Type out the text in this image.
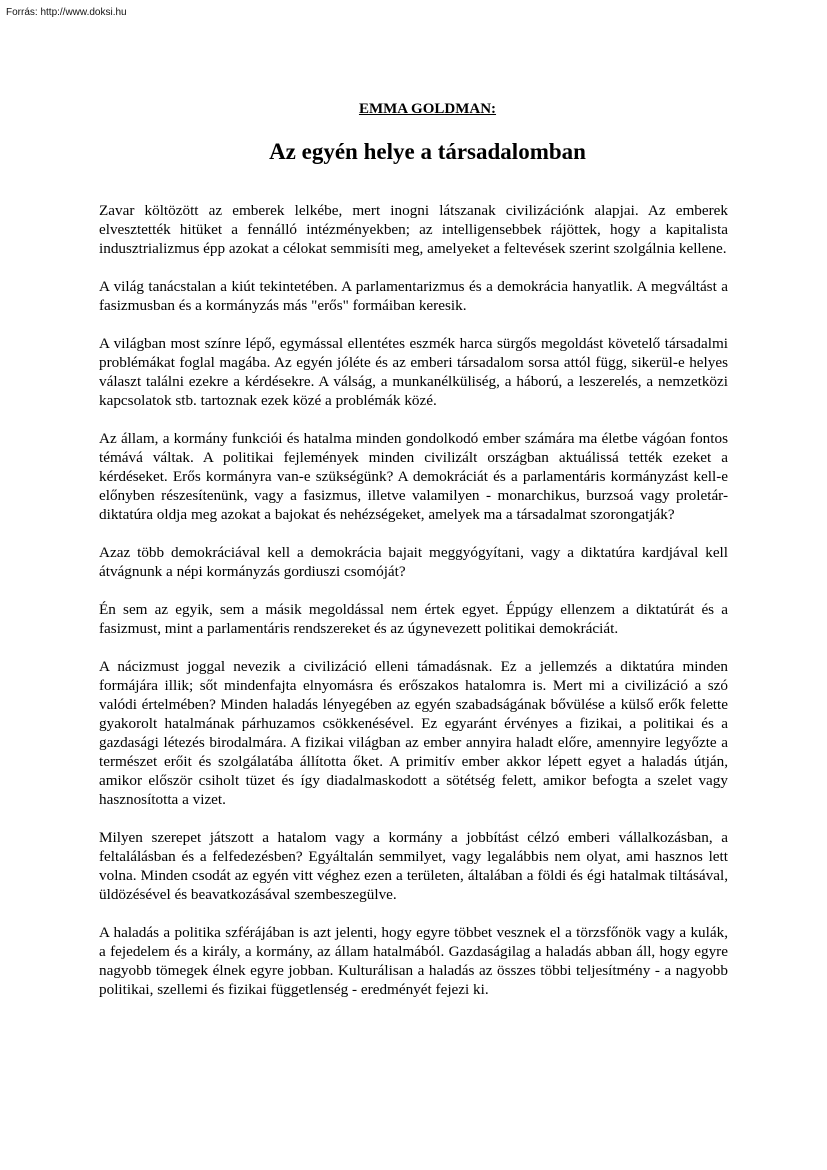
Forrás: http://www.doksi.hu
EMMA GOLDMAN:
Az egyén helye a társadalomban

Zavar költözött az emberek lelkébe, mert inogni látszanak civilizációnk alapjai. Az emberek elvesztették hitüket a fennálló intézményekben; az intelligensebbek rájöttek, hogy a kapitalista indusztrializmus épp azokat a célokat semmisíti meg, amelyeket a feltevések szerint szolgálnia kellene.

A világ tanácstalan a kiút tekintetében. A parlamentarizmus és a demokrácia hanyatlik. A megváltást a fasizmusban és a kormányzás más "erős" formáiban keresik.

A világban most színre lépő, egymással ellentétes eszmék harca sürgős megoldást követelő társadalmi problémákat foglal magába. Az egyén jóléte és az emberi társadalom sorsa attól függ, sikerül-e helyes választ találni ezekre a kérdésekre. A válság, a munkanélküliség, a háború, a leszerelés, a nemzetközi kapcsolatok stb. tartoznak ezek közé a problémák közé.

Az állam, a kormány funkciói és hatalma minden gondolkodó ember számára ma életbe vágóan fontos témává váltak. A politikai fejlemények minden civilizált országban aktuálissá tették ezeket a kérdéseket. Erős kormányra van-e szükségünk? A demokráciát és a parlamentáris kormányzást kell-e előnyben részesítenünk, vagy a fasizmus, illetve valamilyen - monarchikus, burzsoá vagy proletár-diktatúra oldja meg azokat a bajokat és nehézségeket, amelyek ma a társadalmat szorongatják?

Azaz több demokráciával kell a demokrácia bajait meggyógyítani, vagy a diktatúra kardjával kell átvágnunk a népi kormányzás gordiuszi csomóját?

Én sem az egyik, sem a másik megoldással nem értek egyet. Éppúgy ellenzem a diktatúrát és a fasizmust, mint a parlamentáris rendszereket és az úgynevezett politikai demokráciát.

A nácizmust joggal nevezik a civilizáció elleni támadásnak. Ez a jellemzés a diktatúra minden formájára illik; sőt mindenfajta elnyomásra és erőszakos hatalomra is. Mert mi a civilizáció a szó valódi értelmében? Minden haladás lényegében az egyén szabadságának bővülése a külső erők felette gyakorolt hatalmának párhuzamos csökkenésével. Ez egyaránt érvényes a fizikai, a politikai és a gazdasági létezés birodalmára. A fizikai világban az ember annyira haladt előre, amennyire legyőzte a természet erőit és szolgálatába állította őket. A primitív ember akkor lépett egyet a haladás útján, amikor először csiholt tüzet és így diadalmaskodott a sötétség felett, amikor befogta a szelet vagy hasznosította a vizet.

Milyen szerepet játszott a hatalom vagy a kormány a jobbítást célzó emberi vállalkozásban, a feltalálásban és a felfedezésben? Egyáltalán semmilyet, vagy legalábbis nem olyat, ami hasznos lett volna. Minden csodát az egyén vitt véghez ezen a területen, általában a földi és égi hatalmak tiltásával, üldözésével és beavatkozásával szembeszegülve.

A haladás a politika szférájában is azt jelenti, hogy egyre többet vesznek el a törzsfőnök vagy a kulák, a fejedelem és a király, a kormány, az állam hatalmából. Gazdaságilag a haladás abban áll, hogy egyre nagyobb tömegek élnek egyre jobban. Kulturálisan a haladás az összes többi teljesítmény - a nagyobb politikai, szellemi és fizikai függetlenség - eredményét fejezi ki.
